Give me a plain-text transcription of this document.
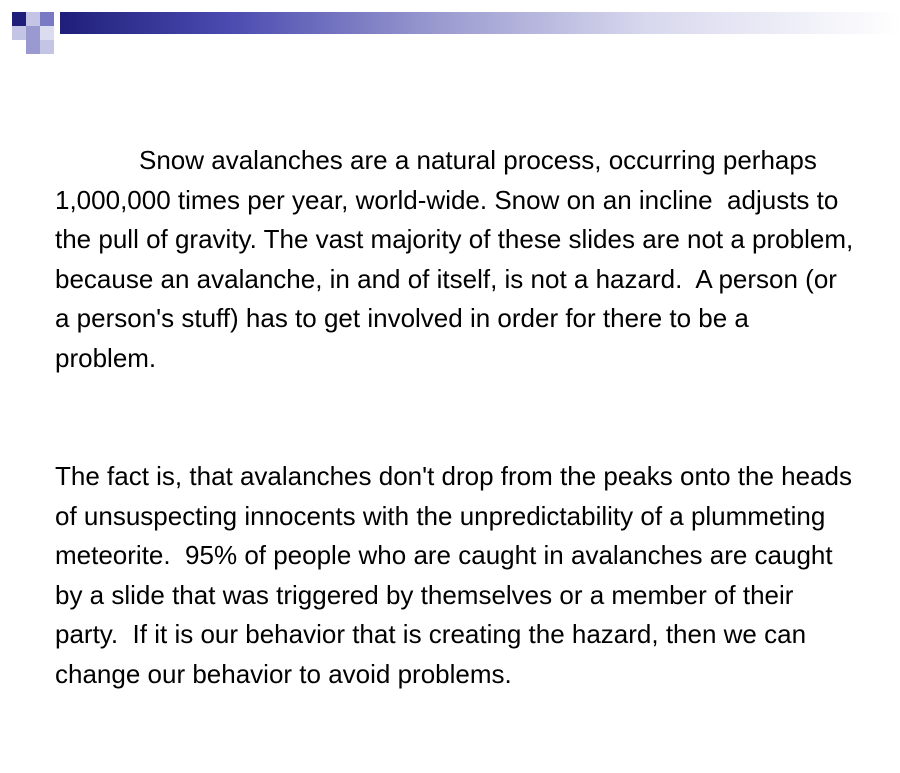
Snow avalanches are a natural process, occurring perhaps 1,000,000 times per year, world-wide. Snow on an incline  adjusts to the pull of gravity. The vast majority of these slides are not a problem, because an avalanche, in and of itself, is not a hazard.  A person (or a person's stuff) has to get involved in order for there to be a problem.

The fact is, that avalanches don't drop from the peaks onto the heads of unsuspecting innocents with the unpredictability of a plummeting meteorite.  95% of people who are caught in avalanches are caught by a slide that was triggered by themselves or a member of their party.  If it is our behavior that is creating the hazard, then we can change our behavior to avoid problems.
